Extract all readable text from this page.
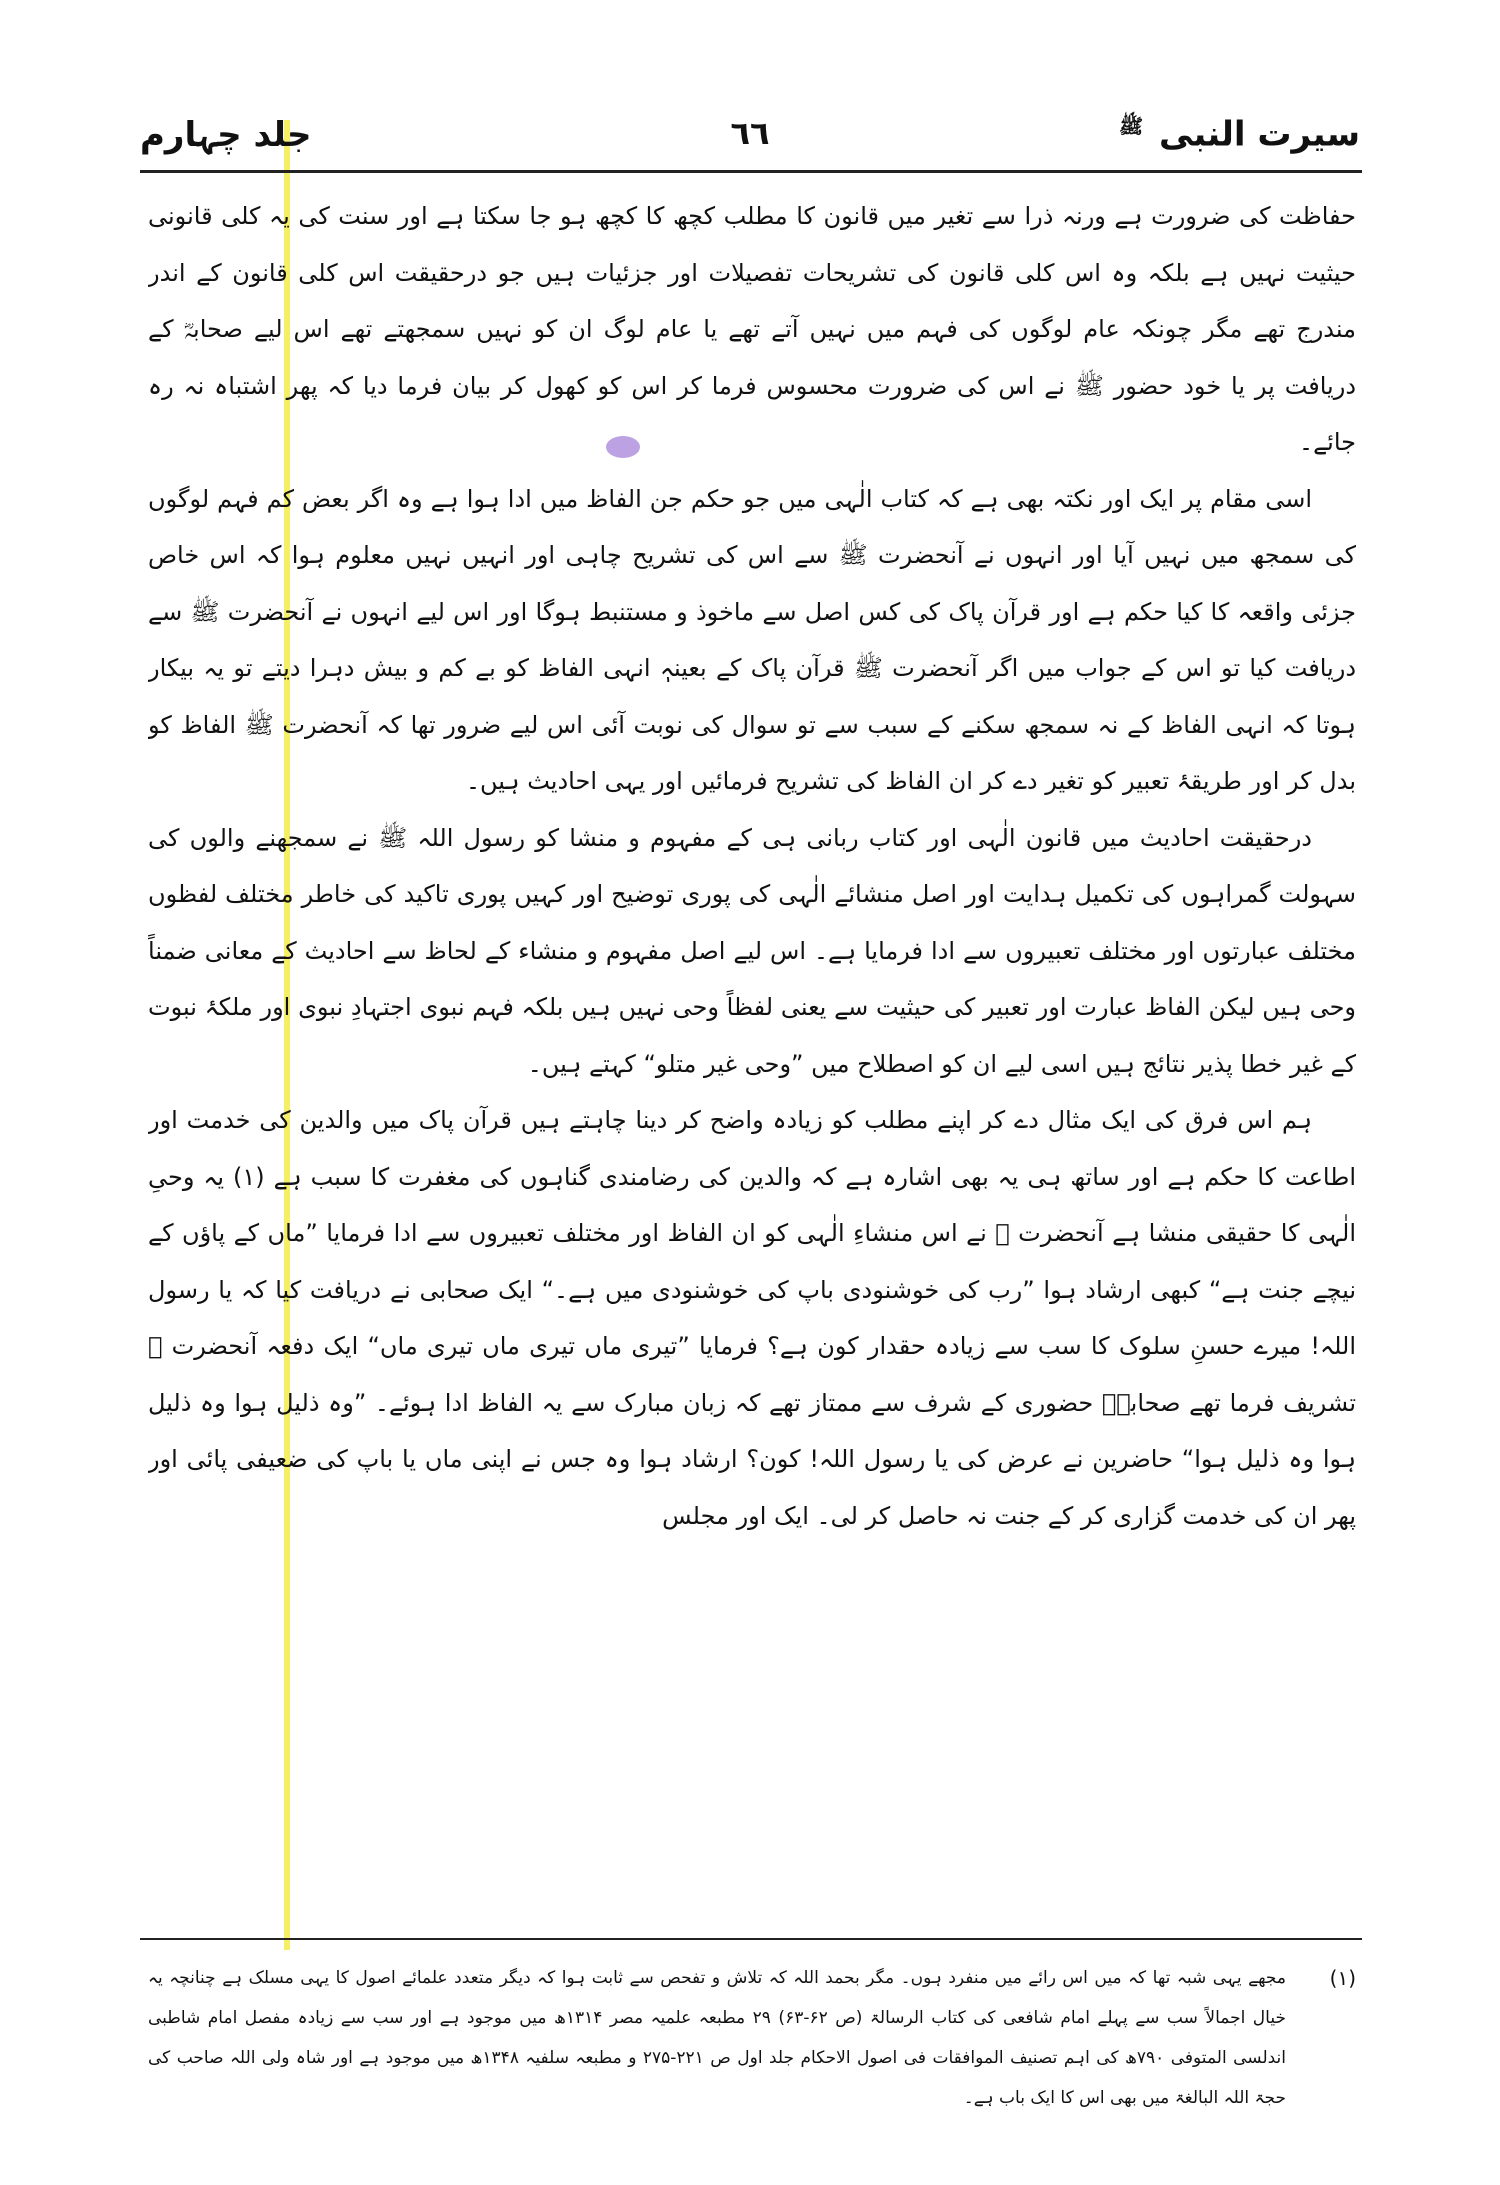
سیرت النبی $^ﷺ$
٦٦
جلد چہارم

حفاظت کی ضرورت ہے ورنہ ذرا سے تغیر میں قانون کا مطلب کچھ کا کچھ ہو جا سکتا ہے اور سنت کی یہ کلی قانونی حیثیت نہیں ہے بلکہ وہ اس کلی قانون کی تشریحات تفصیلات اور جزئیات ہیں جو درحقیقت اس کلی قانون کے اندر مندرج تھے مگر چونکہ عام لوگوں کی فہم میں نہیں آتے تھے یا عام لوگ ان کو نہیں سمجھتے تھے اس لیے صحابہؓ کے دریافت پر یا خود حضور ﷺ نے اس کی ضرورت محسوس فرما کر اس کو کھول کر بیان فرما دیا کہ پھر اشتباہ نہ رہ جائے۔

اسی مقام پر ایک اور نکتہ بھی ہے کہ کتاب الٰہی میں جو حکم جن الفاظ میں ادا ہوا ہے وہ اگر بعض کم فہم لوگوں کی سمجھ میں نہیں آیا اور انہوں نے آنحضرت ﷺ سے اس کی تشریح چاہی اور انہیں نہیں معلوم ہوا کہ اس خاص جزئی واقعہ کا کیا حکم ہے اور قرآن پاک کی کس اصل سے ماخوذ و مستنبط ہوگا اور اس لیے انہوں نے آنحضرت ﷺ سے دریافت کیا تو اس کے جواب میں اگر آنحضرت ﷺ قرآن پاک کے بعینہٖ انہی الفاظ کو بے کم و بیش دہرا دیتے تو یہ بیکار ہوتا کہ انہی الفاظ کے نہ سمجھ سکنے کے سبب سے تو سوال کی نوبت آئی اس لیے ضرور تھا کہ آنحضرت ﷺ الفاظ کو بدل کر اور طریقۂ تعبیر کو تغیر دے کر ان الفاظ کی تشریح فرمائیں اور یہی احادیث ہیں۔

درحقیقت احادیث میں قانون الٰہی اور کتاب ربانی ہی کے مفہوم و منشا کو رسول اللہ ﷺ نے سمجھنے والوں کی سہولت گمراہوں کی تکمیل ہدایت اور اصل منشائے الٰہی کی پوری توضیح اور کہیں پوری تاکید کی خاطر مختلف لفظوں مختلف عبارتوں اور مختلف تعبیروں سے ادا فرمایا ہے۔ اس لیے اصل مفہوم و منشاء کے لحاظ سے احادیث کے معانی ضمناً وحی ہیں لیکن الفاظ عبارت اور تعبیر کی حیثیت سے یعنی لفظاً وحی نہیں ہیں بلکہ فہم نبوی اجتہادِ نبوی اور ملکۂ نبوت کے غیر خطا پذیر نتائج ہیں اسی لیے ان کو اصطلاح میں ”وحی غیر متلو“ کہتے ہیں۔

ہم اس فرق کی ایک مثال دے کر اپنے مطلب کو زیادہ واضح کر دینا چاہتے ہیں قرآن پاک میں والدین کی خدمت اور اطاعت کا حکم ہے اور ساتھ ہی یہ بھی اشارہ ہے کہ والدین کی رضامندی گناہوں کی مغفرت کا سبب ہے (۱) یہ وحیِ الٰہی کا حقیقی منشا ہے آنحضرت ﷺ نے اس منشاءِ الٰہی کو ان الفاظ اور مختلف تعبیروں سے ادا فرمایا ”ماں کے پاؤں کے نیچے جنت ہے“ کبھی ارشاد ہوا ”رب کی خوشنودی باپ کی خوشنودی میں ہے۔“ ایک صحابی نے دریافت کیا کہ یا رسول اللہ! میرے حسنِ سلوک کا سب سے زیادہ حقدار کون ہے؟ فرمایا ”تیری ماں تیری ماں تیری ماں“ ایک دفعہ آنحضرت ﷺ تشریف فرما تھے صحابہؓ حضوری کے شرف سے ممتاز تھے کہ زبان مبارک سے یہ الفاظ ادا ہوئے۔ ”وہ ذلیل ہوا وہ ذلیل ہوا وہ ذلیل ہوا“ حاضرین نے عرض کی یا رسول اللہ! کون؟ ارشاد ہوا وہ جس نے اپنی ماں یا باپ کی ضعیفی پائی اور پھر ان کی خدمت گزاری کر کے جنت نہ حاصل کر لی۔ ایک اور مجلس

(۱)
مجھے یہی شبہ تھا کہ میں اس رائے میں منفرد ہوں۔ مگر بحمد اللہ کہ تلاش و تفحص سے ثابت ہوا کہ دیگر متعدد علمائے اصول کا یہی مسلک ہے چنانچہ یہ خیال اجمالاً سب سے پہلے امام شافعی کی کتاب الرسالۃ (ص ۶۲-۶۳) ۲۹ مطبعہ علمیہ مصر ۱۳۱۴ھ میں موجود ہے اور سب سے زیادہ مفصل امام شاطبی اندلسی المتوفی ۷۹۰ھ کی اہم تصنیف الموافقات فی اصول الاحکام جلد اول ص ۲۲۱-۲۷۵ و مطبعہ سلفیہ ۱۳۴۸ھ میں موجود ہے اور شاہ ولی اللہ صاحب کی حجۃ اللہ البالغۃ میں بھی اس کا ایک باب ہے۔
